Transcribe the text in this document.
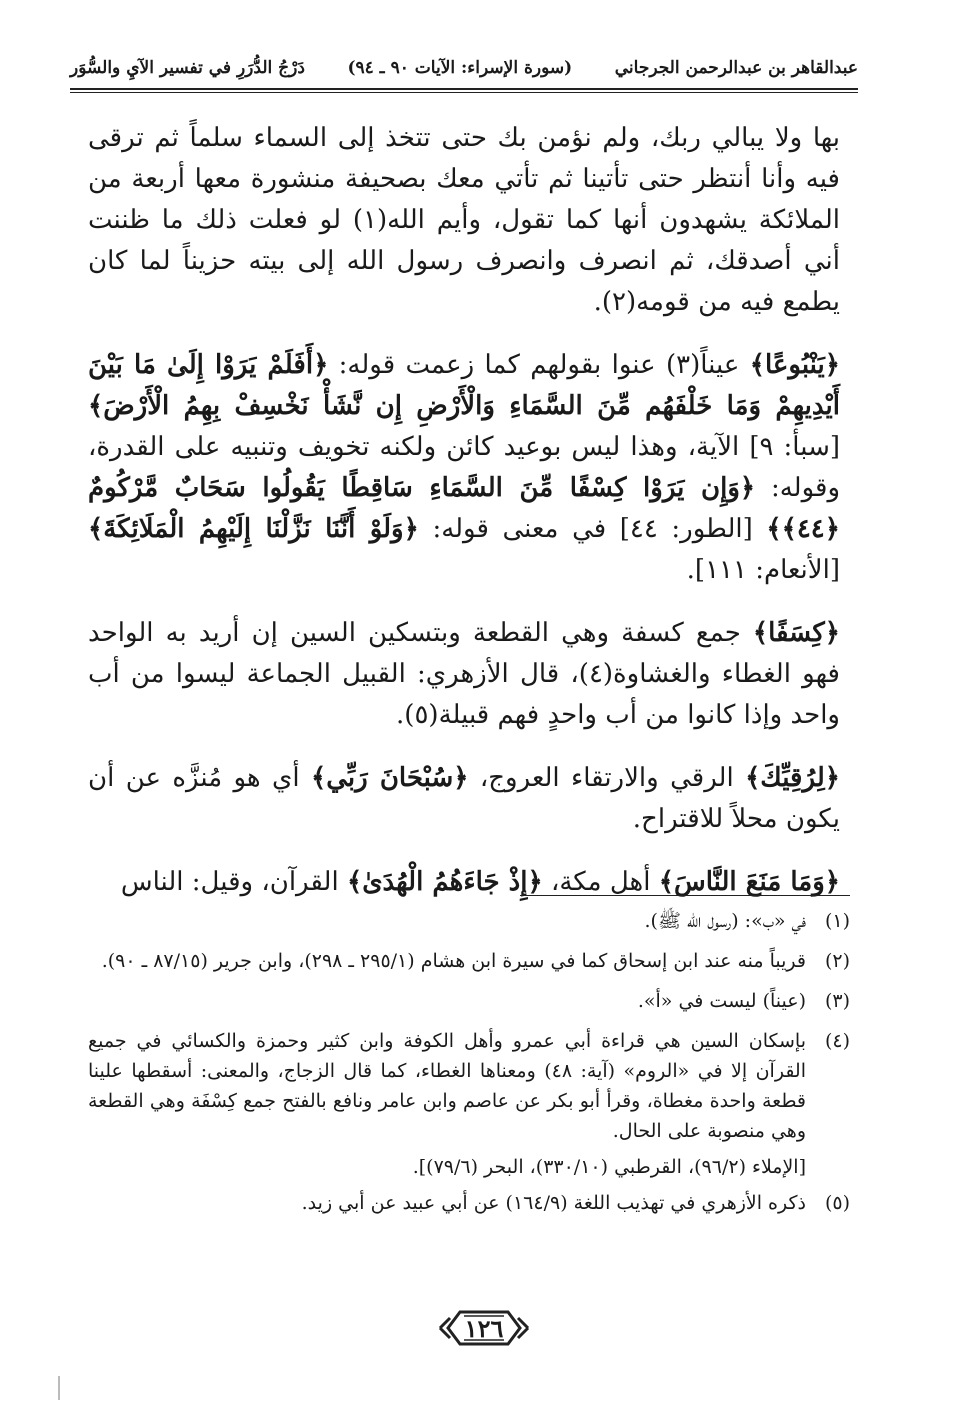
عبدالقاهر بن عبدالرحمن الجرجاني
(سورة الإسراء: الآيات ٩٠ ـ ٩٤)
دَرْجُ الدُّرَرِ في تفسير الآيِ والسُّوَر

بها ولا يبالي ربك، ولم نؤمن بك حتى تتخذ إلى السماء سلماً ثم ترقى فيه وأنا أنتظر حتى تأتينا ثم تأتي معك بصحيفة منشورة معها أربعة من الملائكة يشهدون أنها كما تقول، وأيم الله(١) لو فعلت ذلك ما ظننت أني أصدقك، ثم انصرف وانصرف رسول الله إلى بيته حزيناً لما كان يطمع فيه من قومه(٢).

﴿يَنْبُوعًا﴾ عيناً(٣) عنوا بقولهم كما زعمت قوله: ﴿أَفَلَمْ يَرَوْا إِلَىٰ مَا بَيْنَ أَيْدِيهِمْ وَمَا خَلْفَهُم مِّنَ السَّمَاءِ وَالْأَرْضِ إِن نَّشَأْ نَخْسِفْ بِهِمُ الْأَرْضَ﴾ [سبأ: ٩] الآية، وهذا ليس بوعيد كائن ولكنه تخويف وتنبيه على القدرة، وقوله: ﴿وَإِن يَرَوْا كِسْفًا مِّنَ السَّمَاءِ سَاقِطًا يَقُولُوا سَحَابٌ مَّرْكُومٌ ﴿٤٤﴾﴾ [الطور: ٤٤] في معنى قوله: ﴿وَلَوْ أَنَّنَا نَزَّلْنَا إِلَيْهِمُ الْمَلَائِكَةَ﴾ [الأنعام: ١١١].

﴿كِسَفًا﴾ جمع كسفة وهي القطعة وبتسكين السين إن أريد به الواحد فهو الغطاء والغشاوة(٤)، قال الأزهري: القبيل الجماعة ليسوا من أب واحد وإذا كانوا من أب واحدٍ فهم قبيلة(٥).

﴿لِرُقِيِّكَ﴾ الرقي والارتقاء العروج، ﴿سُبْحَانَ رَبِّي﴾ أي هو مُنزَّه عن أن يكون محلاً للاقتراح.

﴿وَمَا مَنَعَ النَّاسَ﴾ أهل مكة، ﴿إِذْ جَاءَهُمُ الْهُدَىٰ﴾ القرآن، وقيل: الناس

(١)
في «ب»: (رسول الله ﷺ).
(٢)
قريباً منه عند ابن إسحاق كما في سيرة ابن هشام (٢٩٥/١ ـ ٢٩٨)، وابن جرير (٨٧/١٥ ـ ٩٠).
(٣)
(عيناً) ليست في «أ».
(٤)
بإسكان السين هي قراءة أبي عمرو وأهل الكوفة وابن كثير وحمزة والكسائي في جميع القرآن إلا في «الروم» (آية: ٤٨) ومعناها الغطاء، كما قال الزجاج، والمعنى: أسقطها علينا قطعة واحدة مغطاة، وقرأ أبو بكر عن عاصم وابن عامر ونافع بالفتح جمع كِسْفَة وهي القطعة وهي منصوبة على الحال.
[الإملاء (٩٦/٢)، القرطبي (٣٣٠/١٠)، البحر (٧٩/٦)].
(٥)
ذكره الأزهري في تهذيب اللغة (١٦٤/٩) عن أبي عبيد عن أبي زيد.
١٢٦
